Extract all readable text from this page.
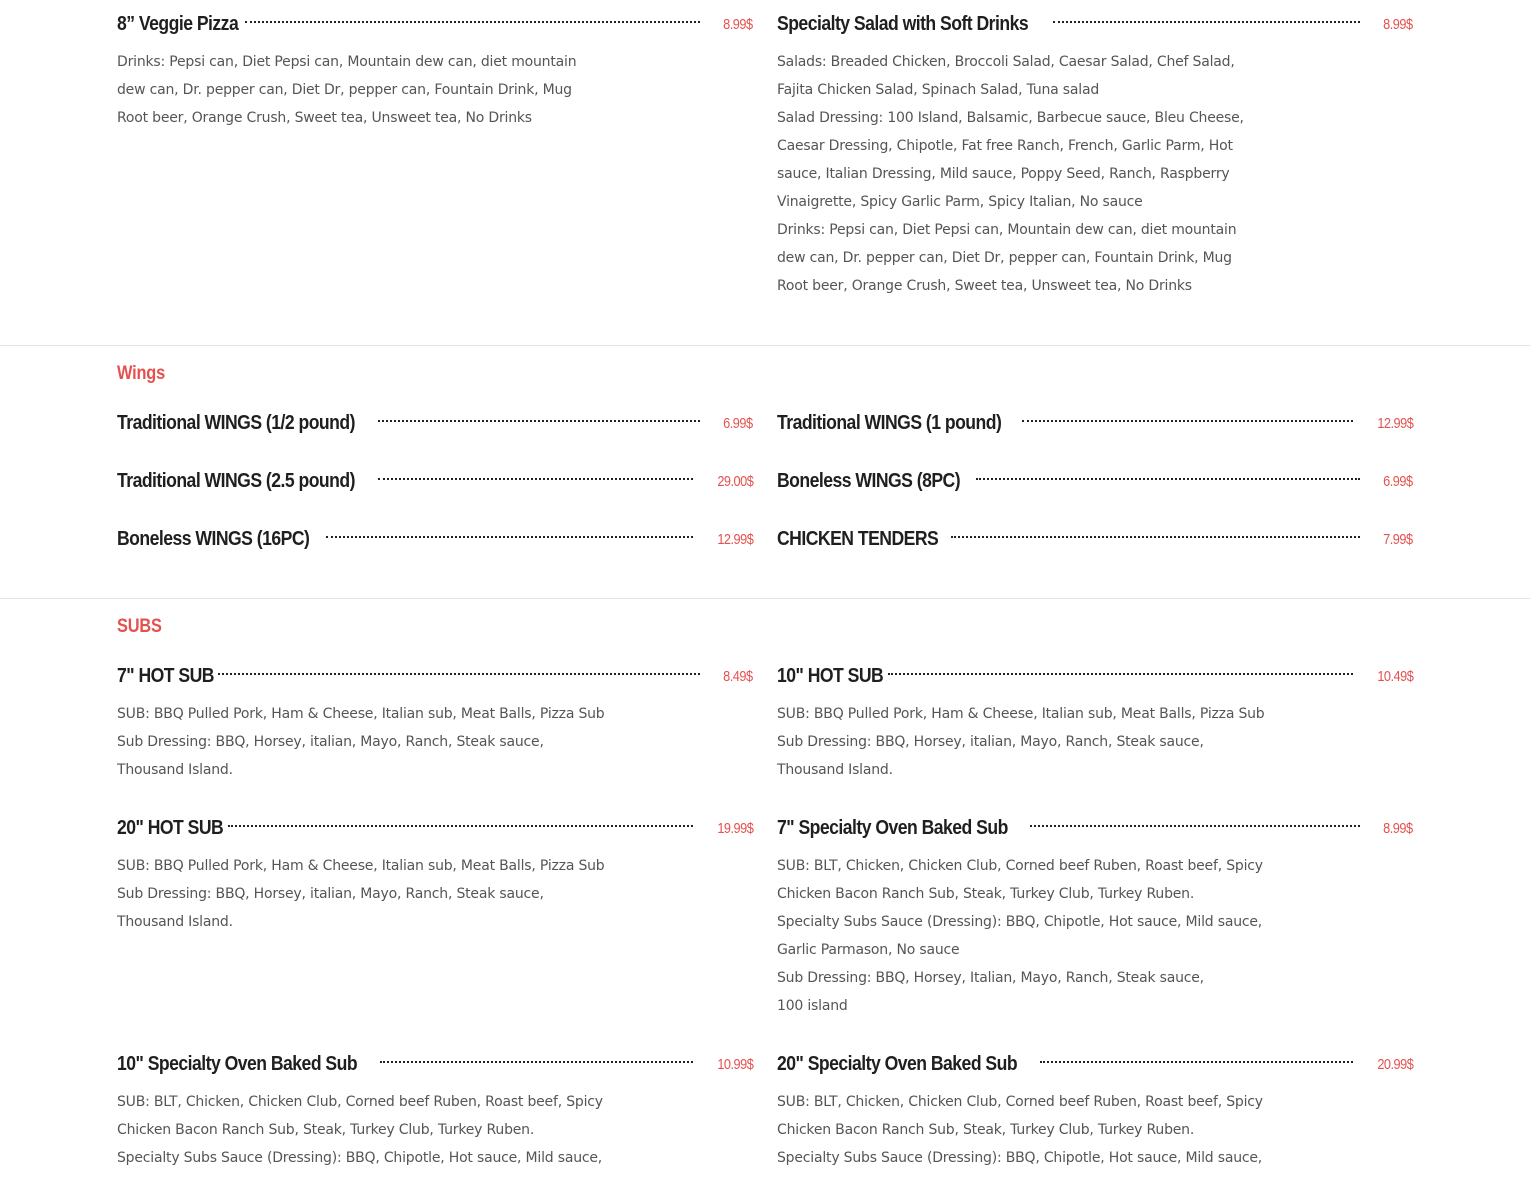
8” Veggie Pizza	8.99$
Drinks: Pepsi can, Diet Pepsi can, Mountain dew can, diet mountain
dew can, Dr. pepper can, Diet Dr, pepper can, Fountain Drink, Mug
Root beer, Orange Crush, Sweet tea, Unsweet tea, No Drinks
Specialty Salad with Soft Drinks	8.99$
Salads: Breaded Chicken, Broccoli Salad, Caesar Salad, Chef Salad,
Fajita Chicken Salad, Spinach Salad, Tuna salad
Salad Dressing: 100 Island, Balsamic, Barbecue sauce, Bleu Cheese,
Caesar Dressing, Chipotle, Fat free Ranch, French, Garlic Parm, Hot
sauce, Italian Dressing, Mild sauce, Poppy Seed, Ranch, Raspberry
Vinaigrette, Spicy Garlic Parm, Spicy Italian, No sauce
Drinks: Pepsi can, Diet Pepsi can, Mountain dew can, diet mountain
dew can, Dr. pepper can, Diet Dr, pepper can, Fountain Drink, Mug
Root beer, Orange Crush, Sweet tea, Unsweet tea, No Drinks
Wings
Traditional WINGS (1/2 pound)	6.99$ Traditional WINGS (1 pound)	12.99$
Traditional WINGS (2.5 pound)	29.00$ Boneless WINGS (8PC)	6.99$
Boneless WINGS (16PC)	12.99$ CHICKEN TENDERS	7.99$
SUBS
7" HOT SUB	8.49$
SUB: BBQ Pulled Pork, Ham & Cheese, Italian sub, Meat Balls, Pizza Sub
Sub Dressing: BBQ, Horsey, italian, Mayo, Ranch, Steak sauce,
Thousand Island.
10" HOT SUB	10.49$
SUB: BBQ Pulled Pork, Ham & Cheese, Italian sub, Meat Balls, Pizza Sub
Sub Dressing: BBQ, Horsey, italian, Mayo, Ranch, Steak sauce,
Thousand Island.
20" HOT SUB	19.99$
SUB: BBQ Pulled Pork, Ham & Cheese, Italian sub, Meat Balls, Pizza Sub
Sub Dressing: BBQ, Horsey, italian, Mayo, Ranch, Steak sauce,
Thousand Island.
7" Specialty Oven Baked Sub	8.99$
SUB: BLT, Chicken, Chicken Club, Corned beef Ruben, Roast beef, Spicy
Chicken Bacon Ranch Sub, Steak, Turkey Club, Turkey Ruben.
Specialty Subs Sauce (Dressing): BBQ, Chipotle, Hot sauce, Mild sauce,
Garlic Parmason, No sauce
Sub Dressing: BBQ, Horsey, Italian, Mayo, Ranch, Steak sauce,
100 island
10" Specialty Oven Baked Sub	10.99$
SUB: BLT, Chicken, Chicken Club, Corned beef Ruben, Roast beef, Spicy
Chicken Bacon Ranch Sub, Steak, Turkey Club, Turkey Ruben.
Specialty Subs Sauce (Dressing): BBQ, Chipotle, Hot sauce, Mild sauce,
20" Specialty Oven Baked Sub	20.99$
SUB: BLT, Chicken, Chicken Club, Corned beef Ruben, Roast beef, Spicy
Chicken Bacon Ranch Sub, Steak, Turkey Club, Turkey Ruben.
Specialty Subs Sauce (Dressing): BBQ, Chipotle, Hot sauce, Mild sauce,
